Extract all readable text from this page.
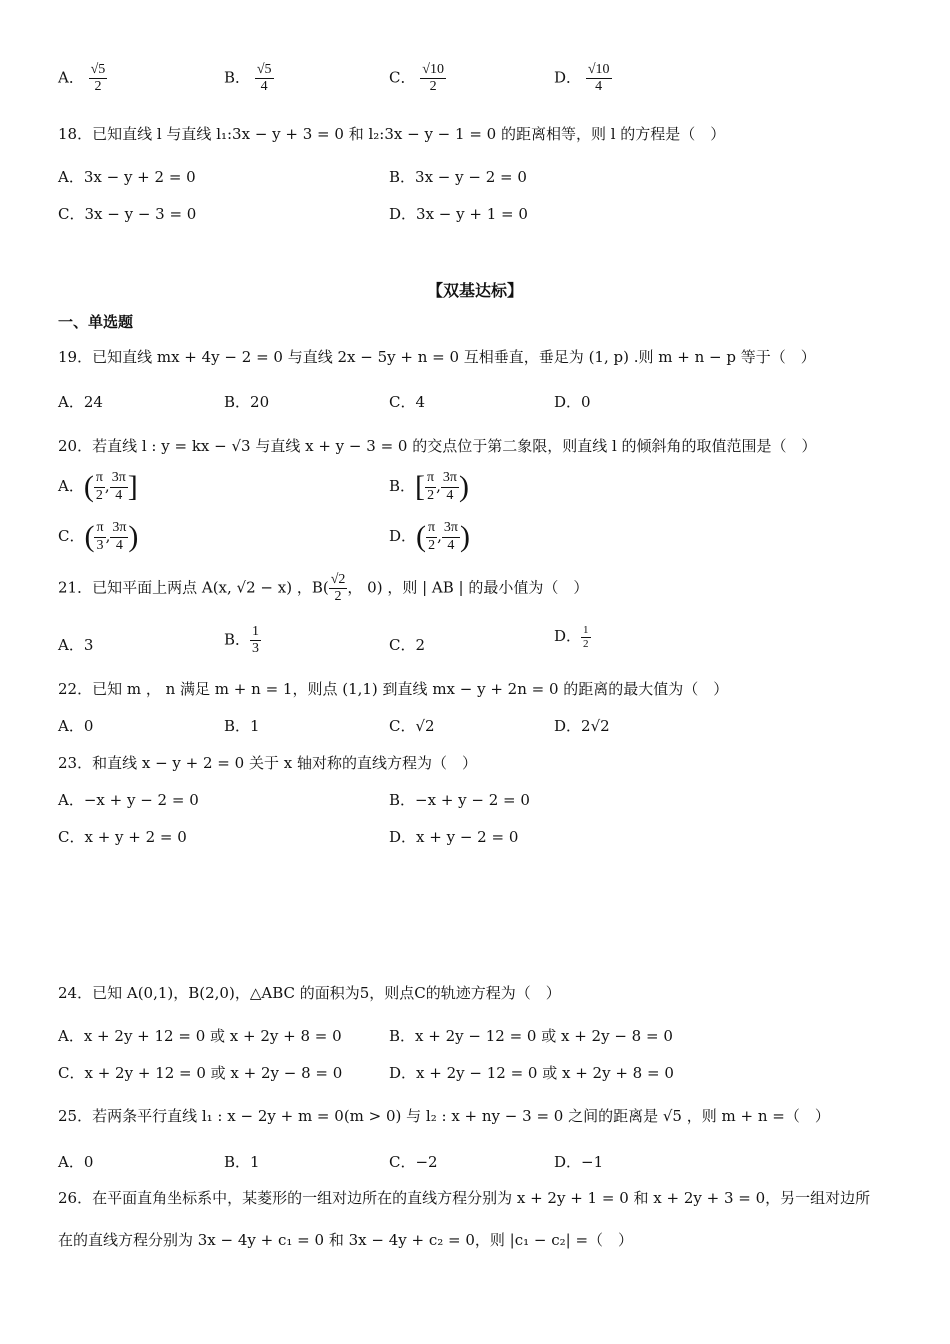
A． $\frac{√5}{2}$	B． $\frac{√5}{4}$	C． $\frac{√10}{2}$	D． $\frac{√10}{4}$
18．已知直线 l 与直线 l₁:3x − y + 3 = 0 和 l₂:3x − y − 1 = 0 的距离相等，则 l 的方程是（　）
A．3x − y + 2 = 0	B．3x − y − 2 = 0
C．3x − y − 3 = 0	D．3x − y + 1 = 0
【双基达标】
一、单选题
19．已知直线 mx + 4y − 2 = 0 与直线 2x − 5y + n = 0 互相垂直，垂足为 (1, p) .则 m + n − p 等于（　）
A．24	B．20	C．4	D．0
20．若直线 l : y = kx − √3 与直线 x + y − 3 = 0 的交点位于第二象限，则直线 l 的倾斜角的取值范围是（　）
A．( $\frac{\pi}{2}$ , $\frac{3\pi}{4}$ ]	B．[ $\frac{\pi}{2}$ , $\frac{3\pi}{4}$ )
C．( $\frac{\pi}{3}$ , $\frac{3\pi}{4}$ )	D．( $\frac{\pi}{2}$ , $\frac{3\pi}{4}$ )
21．已知平面上两点 A(x, √2 − x) ，$B( \frac{√2}{2}$ ， 0) ，则 | AB | 的最小值为（　）
A．3	B． $\frac{1}{3}$	C．2	D． $\frac{1}{2}$
22．已知 m ， n 满足 m + n = 1，则点 (1,1) 到直线 mx − y + 2n = 0 的距离的最大值为（　）
A．0	B．1	C．√2	D．2√2
23．和直线 x − y + 2 = 0 关于 x 轴对称的直线方程为（　）
A．−x + y − 2 = 0	B．−x + y − 2 = 0
C．x + y + 2 = 0	D．x + y − 2 = 0
24．已知 A(0,1)，B(2,0)，△ABC 的面积为5，则点C的轨迹方程为（　）
A．x + 2y + 12 = 0 或 x + 2y + 8 = 0	B．x + 2y − 12 = 0 或 x + 2y − 8 = 0
C．x + 2y + 12 = 0 或 x + 2y − 8 = 0	D．x + 2y − 12 = 0 或 x + 2y + 8 = 0
25．若两条平行直线 l₁ : x − 2y + m = 0(m > 0) 与 l₂ : x + ny − 3 = 0 之间的距离是 √5 ，则 m + n =（　）
A．0	B．1	C．−2	D．−1
26．在平面直角坐标系中，某菱形的一组对边所在的直线方程分别为 x + 2y + 1 = 0 和 x + 2y + 3 = 0，另一组对边所
在的直线方程分别为 3x − 4y + c₁ = 0 和 3x − 4y + c₂ = 0，则 |c₁ − c₂| =（　）
